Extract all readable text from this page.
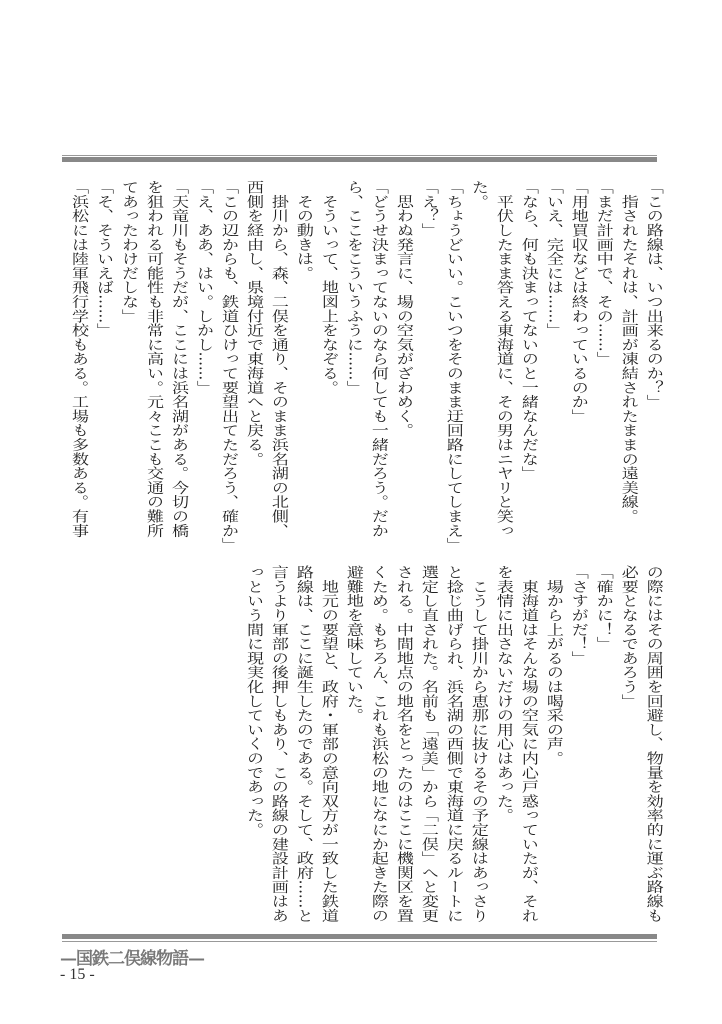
「この路線は、いつ出来るのか？」
　指されたそれは、計画が凍結されたままの遠美線。
「まだ計画中で、その……」
「用地買収などは終わっているのか」
「いえ、完全には……」
「なら、何も決まってないのと一緒なんだな」
　平伏したまま答える東海道に、その男はニヤリと笑っ
た。
「ちょうどいい。こいつをそのまま迂回路にしてしまえ」
「え？」
　思わぬ発言に、場の空気がざわめく。
「どうせ決まってないのなら何しても一緒だろう。だか
ら、ここをこういうふうに……」
　そういって、地図上をなぞる。
　その動きは。
　掛川から、森、二俣を通り、そのまま浜名湖の北側、
西側を経由し、県境付近で東海道へと戻る。
「この辺からも、鉄道ひけって要望出てただろう、確か」
「え、ああ、はい。しかし……」
「天竜川もそうだが、ここには浜名湖がある。今切の橋
を狙われる可能性も非常に高い。元々ここも交通の難所
てあったわけだしな」
「そ、そういえば……」
「浜松には陸軍飛行学校もある。工場も多数ある。有事
の際にはその周囲を回避し、物量を効率的に運ぶ路線も
必要となるであろう」
「確かに！」
「さすがだ！」
　場から上がるのは喝采の声。
　東海道はそんな場の空気に内心戸惑っていたが、それ
を表情に出さないだけの用心はあった。
　こうして掛川から恵那に抜けるその予定線はあっさり
と捻じ曲げられ、浜名湖の西側で東海道に戻るルートに
選定し直された。名前も「遠美」から「二俣」へと変更
される。中間地点の地名をとったのはここに機関区を置
くため。もちろん、これも浜松の地になにか起きた際の
避難地を意味していた。
　地元の要望と、政府・軍部の意向双方が一致した鉄道
路線は、ここに誕生したのである。そして、政府……と
言うより軍部の後押しもあり、この路線の建設計画はあ
っという間に現実化していくのであった。
—国鉄二俣線物語—
- 15 -
